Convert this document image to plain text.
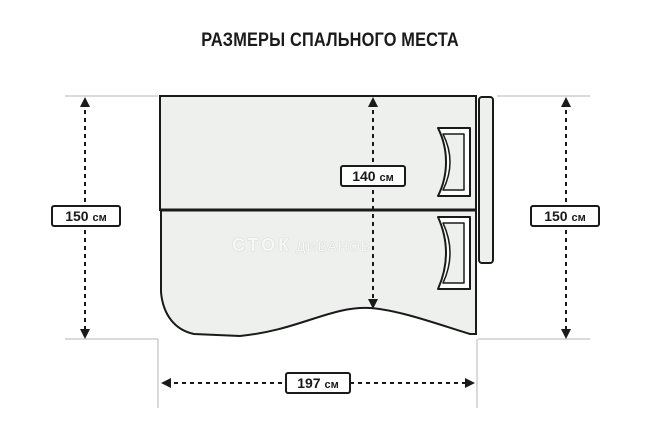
РАЗМЕРЫ СПАЛЬНОГО МЕСТА
СТОК ДИВАНОВ
150 см	150 см
140 см
197 см
